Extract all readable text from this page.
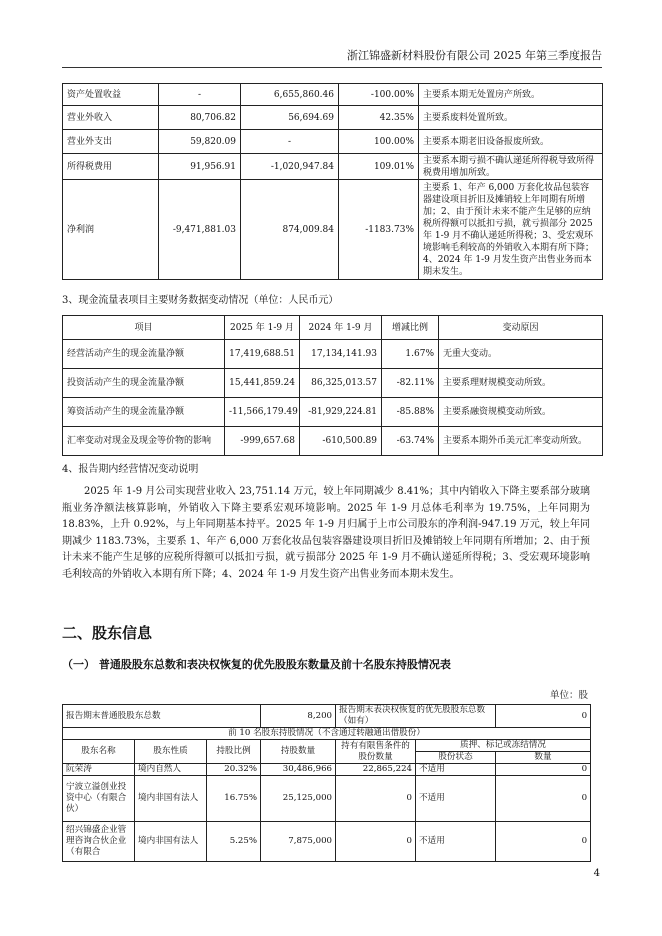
浙江锦盛新材料股份有限公司 2025 年第三季度报告
资产处置收益	-	6,655,860.46	-100.00%	主要系本期无处置房产所致。
营业外收入	80,706.82	56,694.69	42.35%	主要系废料处置所致。
营业外支出	59,820.09	-	100.00%	主要系本期老旧设备报废所致。
所得税费用	91,956.91	-1,020,947.84	109.01%	主要系本期亏损不确认递延所得税导致所得税费用增加所致。
净利润	-9,471,881.03	874,009.84	-1183.73%	主要系 1、年产 6,000 万套化妆品包装容器建设项目折旧及摊销较上年同期有所增加；2、由于预计未来不能产生足够的应纳税所得额可以抵扣亏损，就亏损部分 2025 年 1-9 月不确认递延所得税；3、受宏观环境影响毛利较高的外销收入本期有所下降；4、2024 年 1-9 月发生资产出售业务而本期未发生。
3、现金流量表项目主要财务数据变动情况（单位：人民币元）
项目	2025 年 1-9 月	2024 年 1-9 月	增减比例	变动原因
经营活动产生的现金流量净额	17,419,688.51	17,134,141.93	1.67%	无重大变动。
投资活动产生的现金流量净额	15,441,859.24	86,325,013.57	-82.11%	主要系理财规模变动所致。
筹资活动产生的现金流量净额	-11,566,179.49	-81,929,224.81	-85.88%	主要系融资规模变动所致。
汇率变动对现金及现金等价物的影响	-999,657.68	-610,500.89	-63.74%	主要系本期外币美元汇率变动所致。
4、报告期内经营情况变动说明

2025 年 1-9 月公司实现营业收入 23,751.14 万元，较上年同期减少 8.41%；其中内销收入下降主要系部分玻璃瓶业务净额法核算影响，外销收入下降主要系宏观环境影响。2025 年 1-9 月总体毛利率为 19.75%，上年同期为 18.83%，上升 0.92%，与上年同期基本持平。2025 年 1-9 月归属于上市公司股东的净利润-947.19 万元，较上年同期减少 1183.73%，主要系 1、年产 6,000 万套化妆品包装容器建设项目折旧及摊销较上年同期有所增加；2、由于预计未来不能产生足够的应税所得额可以抵扣亏损，就亏损部分 2025 年 1-9 月不确认递延所得税；3、受宏观环境影响毛利较高的外销收入本期有所下降；4、2024 年 1-9 月发生资产出售业务而本期未发生。

二、股东信息
（一） 普通股股东总数和表决权恢复的优先股股东数量及前十名股东持股情况表
单位：股
报告期末普通股股东总数			8,200	报告期末表决权恢复的优先股股东总数（如有）		0
前 10 名股东持股情况（不含通过转融通出借股份）						
股东名称	股东性质	持股比例	持股数量	持有有限售条件的股份数量	质押、标记或冻结情况	
					股份状态	数量
阮荣涛	境内自然人	20.32%	30,486,966	22,865,224	不适用	0
宁波立溢创业投资中心（有限合伙）	境内非国有法人	16.75%	25,125,000	0	不适用	0
绍兴锦盛企业管理咨询合伙企业（有限合	境内非国有法人	5.25%	7,875,000	0	不适用	0
4
